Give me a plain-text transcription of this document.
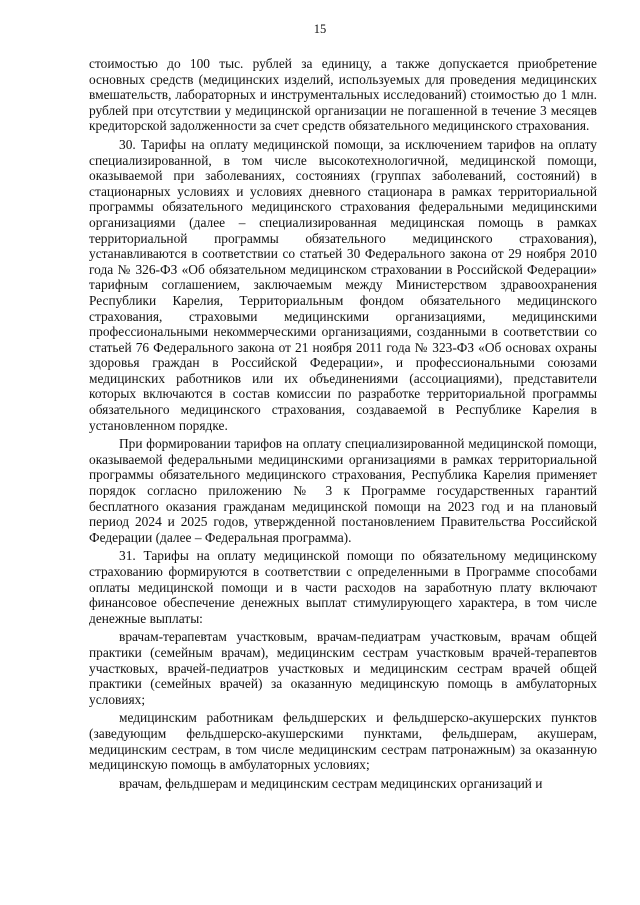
15

стоимостью до 100 тыс. рублей за единицу, а также допускается приобретение основных средств (медицинских изделий, используемых для проведения медицинских вмешательств, лабораторных и инструментальных исследований) стоимостью до 1 млн. рублей при отсутствии у медицинской организации не погашенной в течение 3 месяцев кредиторской задолженности за счет средств обязательного медицинского страхования.

30. Тарифы на оплату медицинской помощи, за исключением тарифов на оплату специализированной, в том числе высокотехнологичной, медицинской помощи, оказываемой при заболеваниях, состояниях (группах заболеваний, состояний) в стационарных условиях и условиях дневного стационара в рамках территориальной программы обязательного медицинского страхования федеральными медицинскими организациями (далее – специализированная медицинская помощь в рамках территориальной программы обязательного медицинского страхования), устанавливаются в соответствии со статьей 30 Федерального закона от 29 ноября 2010 года № 326-ФЗ «Об обязательном медицинском страховании в Российской Федерации» тарифным соглашением, заключаемым между Министерством здравоохранения Республики Карелия, Территориальным фондом обязательного медицинского страхования, страховыми медицинскими организациями, медицинскими профессиональными некоммерческими организациями, созданными в соответствии со статьей 76 Федерального закона от 21 ноября 2011 года № 323-ФЗ «Об основах охраны здоровья граждан в Российской Федерации», и профессиональными союзами медицинских работников или их объединениями (ассоциациями), представители которых включаются в состав комиссии по разработке территориальной программы обязательного медицинского страхования, создаваемой в Республике Карелия в установленном порядке.

При формировании тарифов на оплату специализированной медицинской помощи, оказываемой федеральными медицинскими организациями в рамках территориальной программы обязательного медицинского страхования, Республика Карелия применяет порядок согласно приложению № 3 к Программе государственных гарантий бесплатного оказания гражданам медицинской помощи на 2023 год и на плановый период 2024 и 2025 годов, утвержденной постановлением Правительства Российской Федерации (далее – Федеральная программа).

31. Тарифы на оплату медицинской помощи по обязательному медицинскому страхованию формируются в соответствии с определенными в Программе способами оплаты медицинской помощи и в части расходов на заработную плату включают финансовое обеспечение денежных выплат стимулирующего характера, в том числе денежные выплаты:

врачам-терапевтам участковым, врачам-педиатрам участковым, врачам общей практики (семейным врачам), медицинским сестрам участковым врачей-терапевтов участковых, врачей-педиатров участковых и медицинским сестрам врачей общей практики (семейных врачей) за оказанную медицинскую помощь в амбулаторных условиях;

медицинским работникам фельдшерских и фельдшерско-акушерских пунктов (заведующим фельдшерско-акушерскими пунктами, фельдшерам, акушерам, медицинским сестрам, в том числе медицинским сестрам патронажным) за оказанную медицинскую помощь в амбулаторных условиях;

врачам, фельдшерам и медицинским сестрам медицинских организаций и
